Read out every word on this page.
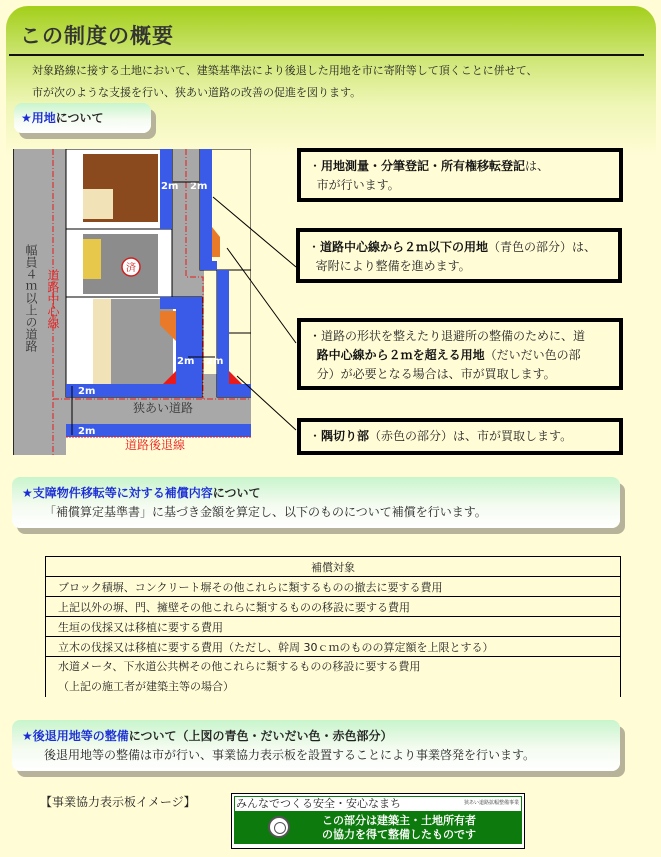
この制度の概要
対象路線に接する土地において、建築基準法により後退した用地を市に寄附等して頂くことに併せて、
市が次のような支援を行い、狭あい道路の改善の促進を図ります。
★用地について
済
2m 2m
2m 2m
2m
2m
幅員４ｍ以上の道路 道路中心線
狭あい道路
道路後退線
・用地測量・分筆登記・所有権移転登記は、
市が行います。
・道路中心線から２ｍ以下の用地（青色の部分）は、
寄附により整備を進めます。
・道路の形状を整えたり退避所の整備のために、道
路中心線から２ｍを超える用地（だいだい色の部
分）が必要となる場合は、市が買取します。
・隅切り部（赤色の部分）は、市が買取します。
★支障物件移転等に対する補償内容について
「補償算定基準書」に基づき金額を算定し、以下のものについて補償を行います。
補償対象
ブロック積塀、コンクリート塀その他これらに類するものの撤去に要する費用
上記以外の塀、門、擁壁その他これらに類するものの移設に要する費用
生垣の伐採又は移植に要する費用
立木の伐採又は移植に要する費用（ただし、幹周 30ｃｍのものの算定額を上限とする）

水道メータ、下水道公共桝その他これらに類するものの移設に要する費用
（上記の施工者が建築主等の場合）
★後退用地等の整備について（上図の青色・だいだい色・赤色部分）
後退用地等の整備は市が行い、事業協力表示板を設置することにより事業啓発を行います。
【事業協力表示板イメージ】	みんなでつくる安全・安心なまち	狭あい道路拡幅整備事業
この部分は建築主・土地所有者
の協力を得て整備したものです
